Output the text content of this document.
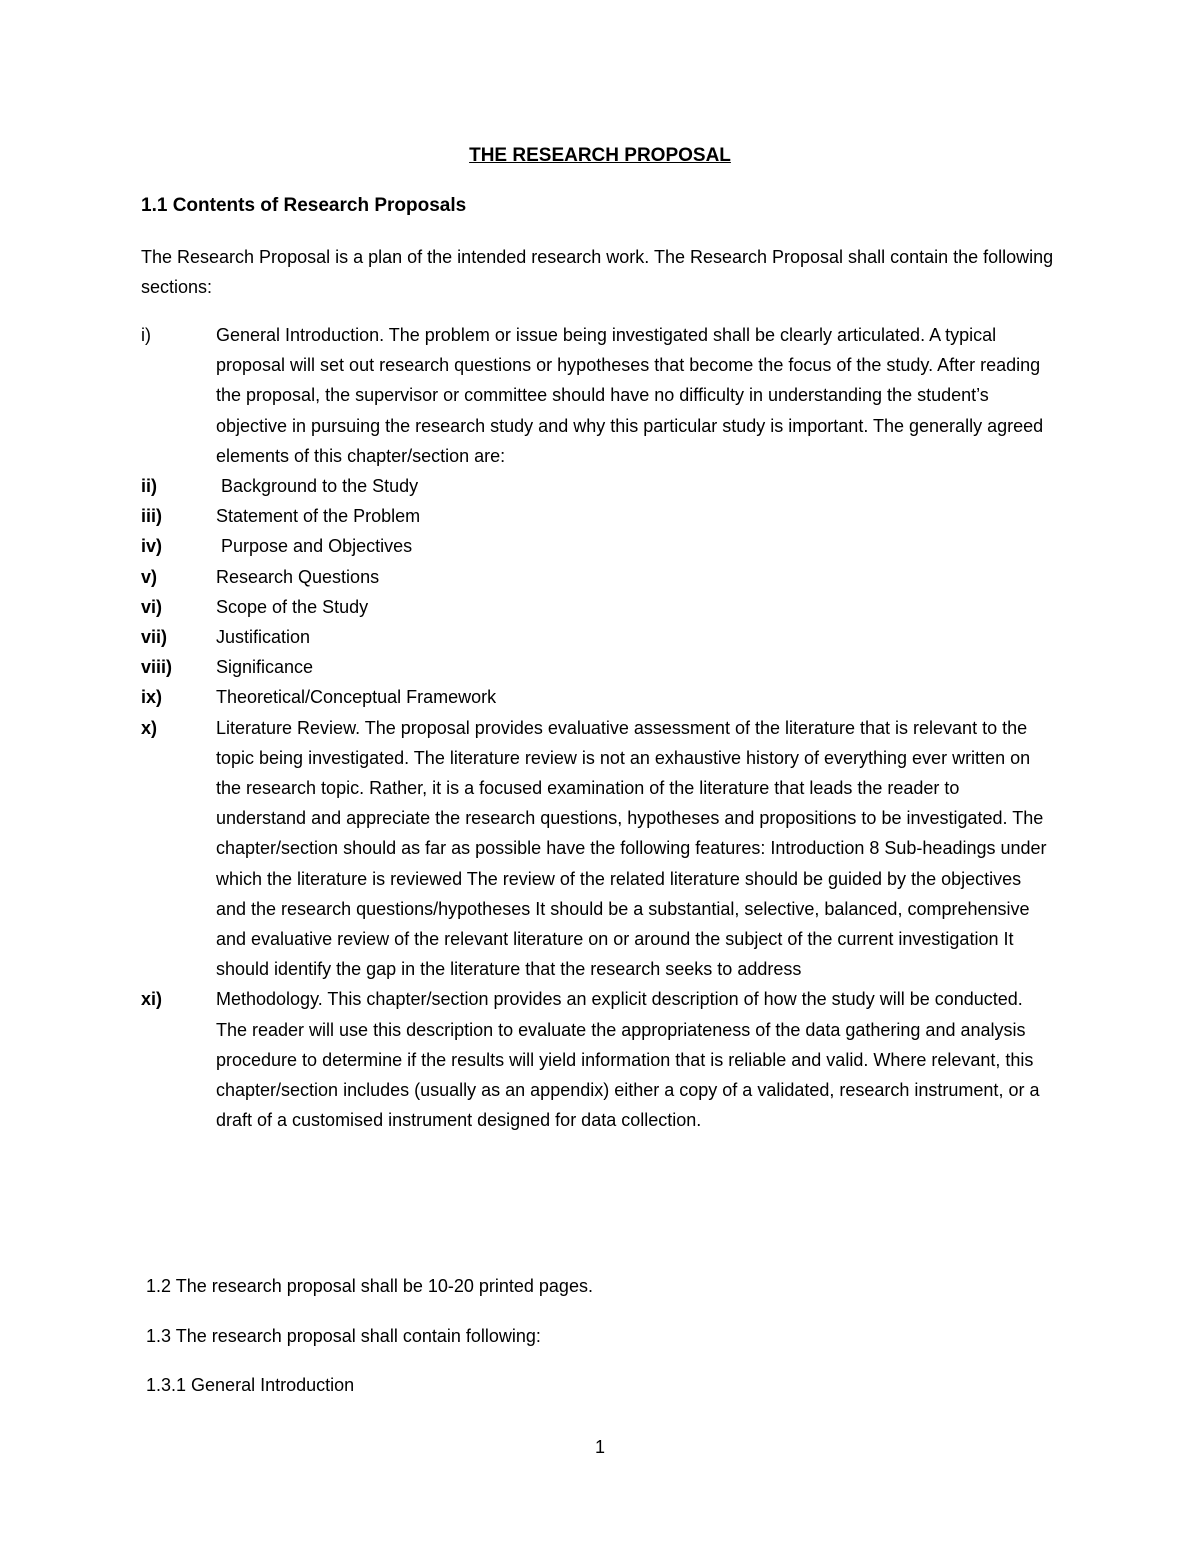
THE RESEARCH PROPOSAL
1.1 Contents of Research Proposals
The Research Proposal is a plan of the intended research work. The Research Proposal shall contain the following sections:
i)	General Introduction. The problem or issue being investigated shall be clearly articulated. A typical proposal will set out research questions or hypotheses that become the focus of the study. After reading the proposal, the supervisor or committee should have no difficulty in understanding the student’s objective in pursuing the research study and why this particular study is important. The generally agreed elements of this chapter/section are:
ii)	Background to the Study
iii)	Statement of the Problem
iv)	Purpose and Objectives
v)	Research Questions
vi)	Scope of the Study
vii)	Justification
viii)	Significance
ix)	Theoretical/Conceptual Framework
x)	Literature Review. The proposal provides evaluative assessment of the literature that is relevant to the topic being investigated. The literature review is not an exhaustive history of everything ever written on the research topic. Rather, it is a focused examination of the literature that leads the reader to understand and appreciate the research questions, hypotheses and propositions to be investigated. The chapter/section should as far as possible have the following features: Introduction 8 Sub-headings under which the literature is reviewed The review of the related literature should be guided by the objectives and the research questions/hypotheses It should be a substantial, selective, balanced, comprehensive and evaluative review of the relevant literature on or around the subject of the current investigation It should identify the gap in the literature that the research seeks to address
xi)	Methodology. This chapter/section provides an explicit description of how the study will be conducted. The reader will use this description to evaluate the appropriateness of the data gathering and analysis procedure to determine if the results will yield information that is reliable and valid. Where relevant, this chapter/section includes (usually as an appendix) either a copy of a validated, research instrument, or a draft of a customised instrument designed for data collection.
1.2 The research proposal shall be 10-20 printed pages.
1.3 The research proposal shall contain following:
1.3.1 General Introduction
1
